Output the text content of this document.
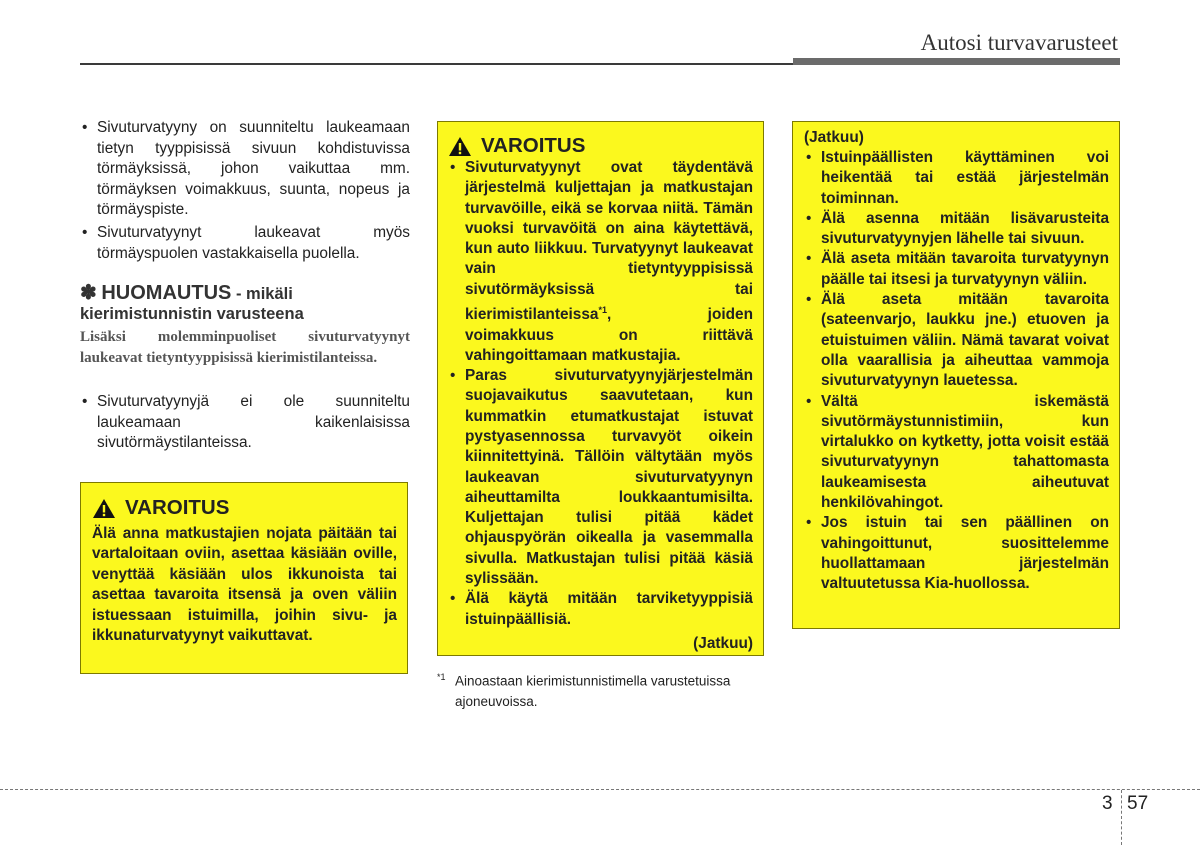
Autosi turvavarusteet
• Sivuturvatyyny on suunniteltu laukeamaan tietyn tyyppisissä sivuun kohdistuvissa törmäyksissä, johon vaikuttaa mm. törmäyksen voimakkuus, suunta, nopeus ja törmäyspiste.
• Sivuturvatyynyt laukeavat myös törmäyspuolen vastakkaisella puolella.
✽ HUOMAUTUS - mikäli kierimistunnistin varusteena
Lisäksi molemminpuoliset sivuturvatyynyt laukeavat tietyntyyppisissä kierimistilanteissa.
• Sivuturvatyynyjä ei ole suunniteltu laukeamaan kaikenlaisissa sivutörmäystilanteissa.
VAROITUS
Älä anna matkustajien nojata päitään tai vartaloitaan oviin, asettaa käsiään oville, venyttää käsiään ulos ikkunoista tai asettaa tavaroita itsensä ja oven väliin istuessaan istuimilla, joihin sivu- ja ikkunaturvatyynyt vaikuttavat.
VAROITUS
• Sivuturvatyynyt ovat täydentävä järjestelmä kuljettajan ja matkustajan turvavöille, eikä se korvaa niitä. Tämän vuoksi turvavöitä on aina käytettävä, kun auto liikkuu. Turvatyynyt laukeavat vain tietyntyyppisissä sivutörmäyksissä tai kierimistilanteissa$^{*1}$, joiden voimakkuus on riittävä vahingoittamaan matkustajia.
• Paras sivuturvatyynyjärjestelmän suojavaikutus saavutetaan, kun kummatkin etumatkustajat istuvat pystyasennossa turvavyöt oikein kiinnitettyinä. Tällöin vältytään myös laukeavan sivuturvatyynyn aiheuttamilta loukkaantumisilta. Kuljettajan tulisi pitää kädet ohjauspyörän oikealla ja vasemmalla sivulla. Matkustajan tulisi pitää käsiä sylissään.
• Älä käytä mitään tarviketyyppisiä istuinpäällisiä.
(Jatkuu)
$^{*1}$ Ainoastaan kierimistunnistimella varustetuissa
ajoneuvoissa.
(Jatkuu)
• Istuinpäällisten käyttäminen voi heikentää tai estää järjestelmän toiminnan.
• Älä asenna mitään lisävarusteita sivuturvatyynyjen lähelle tai sivuun.
• Älä aseta mitään tavaroita turvatyynyn päälle tai itsesi ja turvatyynyn väliin.
• Älä aseta mitään tavaroita (sateenvarjo, laukku jne.) etuoven ja etuistuimen väliin. Nämä tavarat voivat olla vaarallisia ja aiheuttaa vammoja sivuturvatyynyn lauetessa.
• Vältä iskemästä sivutörmäystunnistimiin, kun virtalukko on kytketty, jotta voisit estää sivuturvatyynyn tahattomasta laukeamisesta aiheutuvat henkilövahingot.
• Jos istuin tai sen päällinen on vahingoittunut, suosittelemme huollattamaan järjestelmän valtuutetussa Kia-huollossa.
3 57
